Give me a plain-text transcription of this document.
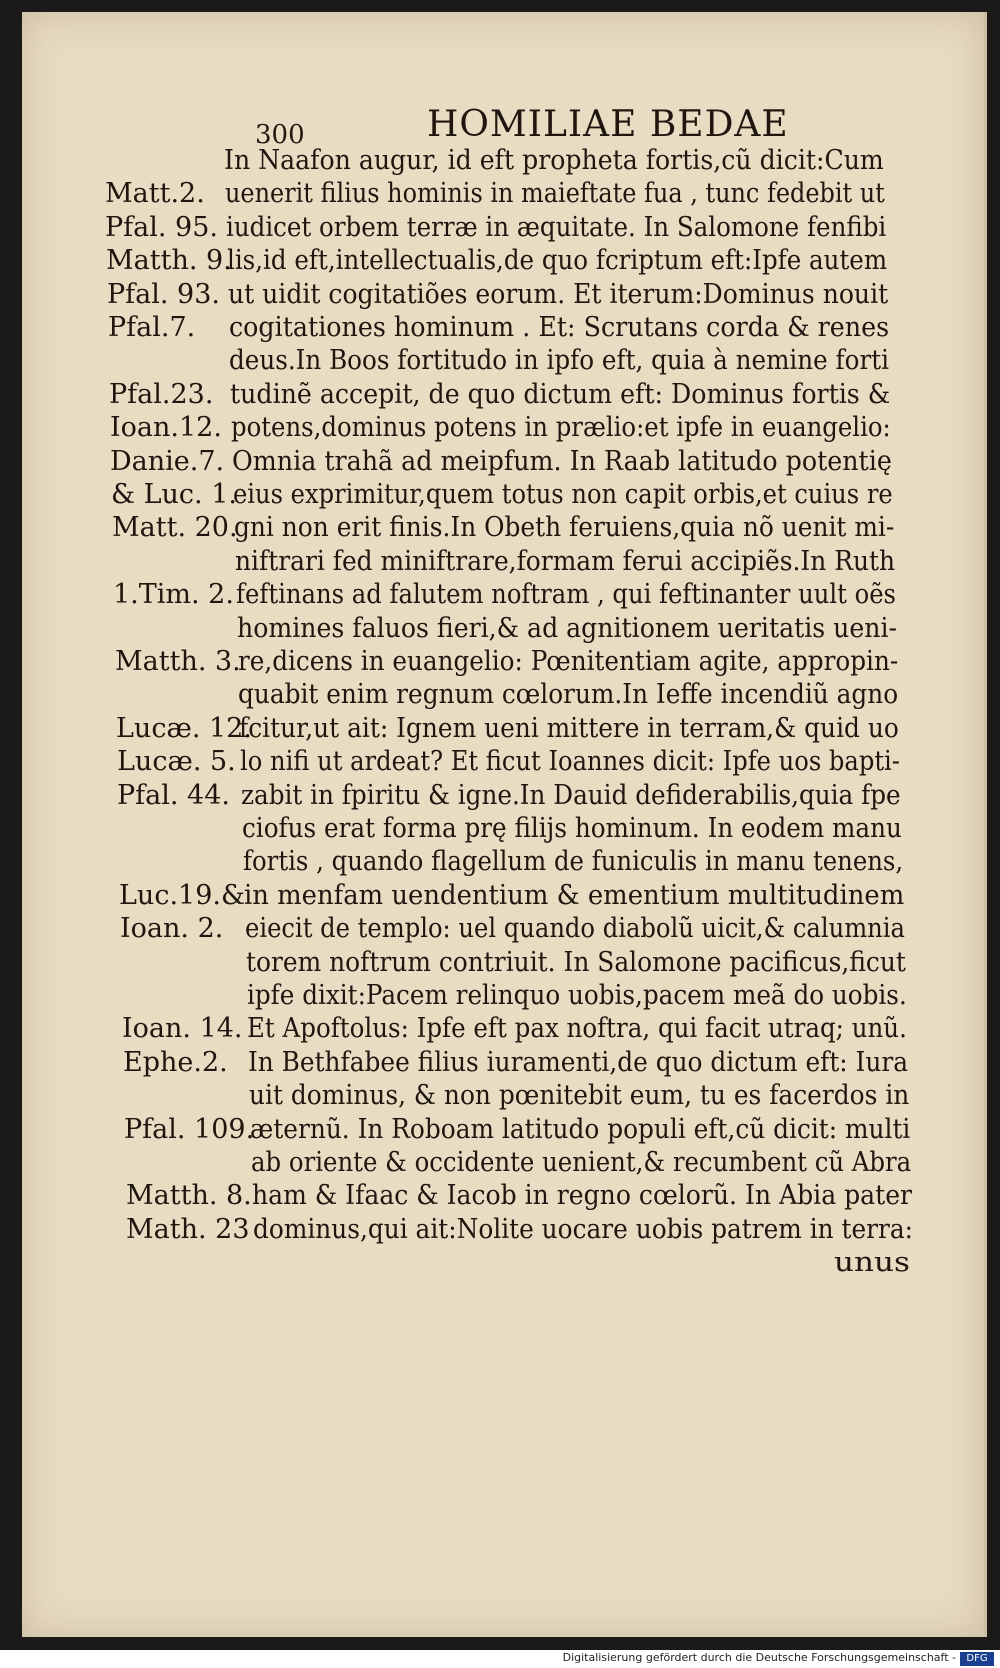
300	HOMILIAE BEDAE
In Naafon augur, id eft propheta fortis,cũ dicit:Cum
Matt.2. uenerit filius hominis in maieftate fua , tunc fedebit ut
Pfal. 95. iudicet orbem terræ in æquitate. In Salomone fenfibi
Matth. 9.
lis,id eft,intellectualis,de quo fcriptum eft:Ipfe autem
Pfal. 93. ut uidit cogitatiões eorum. Et iterum:Dominus nouit
Pfal.7. cogitationes hominum . Et: Scrutans corda & renes
deus.In Boos fortitudo in ipfo eft, quia à nemine forti
Pfal.23. tudinẽ accepit, de quo dictum eft: Dominus fortis &
Ioan.12. potens,dominus potens in prælio:et ipfe in euangelio:
Danie.7. Omnia trahã ad meipfum. In Raab latitudo potentię
& Luc. 1.
eius exprimitur,quem totus non capit orbis,et cuius re
Matt. 20.
gni non erit finis.In Obeth feruiens,quia nõ uenit mi-
niftrari fed miniftrare,formam ferui accipiẽs.In Ruth
1.Tim. 2. feftinans ad falutem noftram , qui feftinanter uult oẽs
homines faluos fieri,& ad agnitionem ueritatis ueni-
Matth. 3.
re,dicens in euangelio: Pœnitentiam agite, appropin-
quabit enim regnum cœlorum.In Ieffe incendiũ agno
Lucæ. 12.
fcitur,ut ait: Ignem ueni mittere in terram,& quid uo
Lucæ. 5. lo nifi ut ardeat? Et ficut Ioannes dicit: Ipfe uos bapti-
Pfal. 44. zabit in fpiritu & igne.In Dauid defiderabilis,quia fpe
ciofus erat forma prę filijs hominum. In eodem manu
fortis , quando flagellum de funiculis in manu tenens,
Luc.19.& in menfam uendentium & ementium multitudinem
Ioan. 2. eiecit de templo: uel quando diabolũ uicit,& calumnia
torem noftrum contriuit. In Salomone pacificus,ficut
ipfe dixit:Pacem relinquo uobis,pacem meã do uobis.
Ioan. 14. Et Apoftolus: Ipfe eft pax noftra, qui facit utraq; unũ.
Ephe.2. In Bethfabee filius iuramenti,de quo dictum eft: Iura
uit dominus, & non pœnitebit eum, tu es facerdos in
Pfal. 109.
æternũ. In Roboam latitudo populi eft,cũ dicit: multi
ab oriente & occidente uenient,& recumbent cũ Abra
Matth. 8. ham & Ifaac & Iacob in regno cœlorũ. In Abia pater
Math. 23 dominus,qui ait:Nolite uocare uobis patrem in terra:
unus
Digitalisierung gefördert durch die Deutsche Forschungsgemeinschaft -	DFG
